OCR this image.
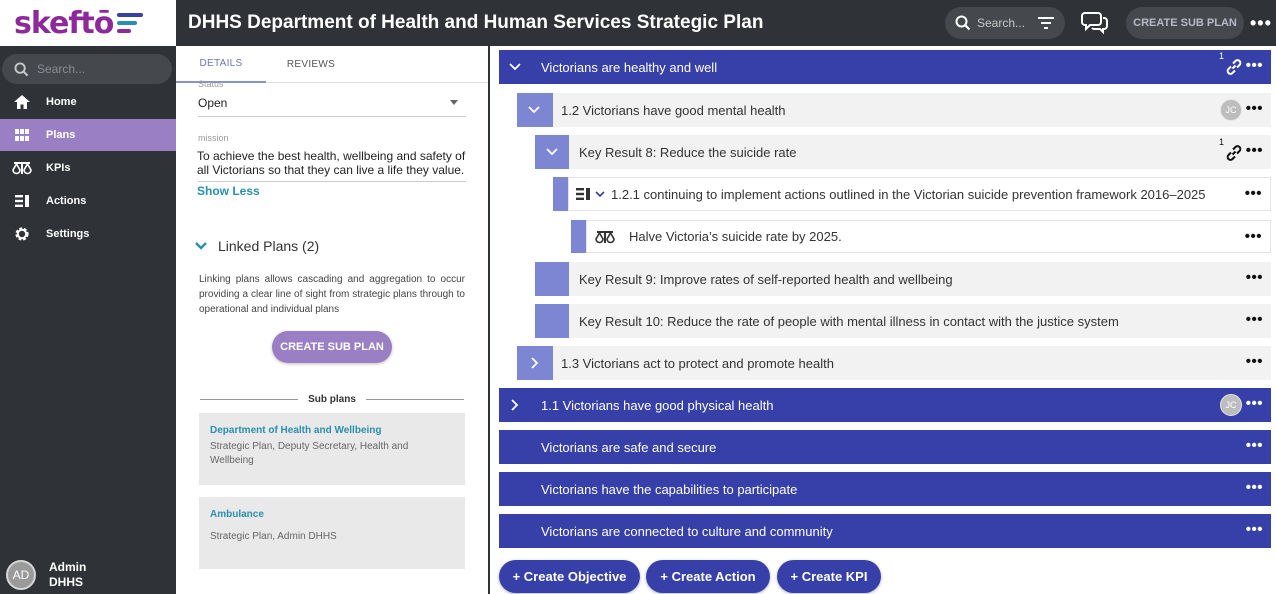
skeftō	DHHS Department of Health and Human Services Strategic Plan	Search...	CREATE SUB PLAN •••
Search...
Home
Plans
KPIs
Actions
Settings
AD
Admin
DHHS
DETAILS	REVIEWS
Status
Open
mission
To achieve the best health, wellbeing and safety of all Victorians so that they can live a life they value.
Show Less
Linked Plans (2)
Linking plans allows cascading and aggregation to occur providing a clear line of sight from strategic plans through to operational and individual plans
CREATE SUB PLAN
Sub plans
Department of Health and Wellbeing
Strategic Plan, Deputy Secretary, Health and Wellbeing
Ambulance
Strategic Plan, Admin DHHS
Victorians are healthy and well
1
•••
1.2 Victorians have good mental health	JC •••
Key Result 8: Reduce the suicide rate
1 •••
1.2.1 continuing to implement actions outlined in the Victorian suicide prevention framework 2016–2025	•••
Halve Victoria’s suicide rate by 2025.	•••
Key Result 9: Improve rates of self-reported health and wellbeing	•••
Key Result 10: Reduce the rate of people with mental illness in contact with the justice system	•••
1.3 Victorians act to protect and promote health	•••
1.1 Victorians have good physical health	JC •••
Victorians are safe and secure	•••
Victorians have the capabilities to participate	•••
Victorians are connected to culture and community	•••
+ Create Objective	+ Create Action	+ Create KPI
